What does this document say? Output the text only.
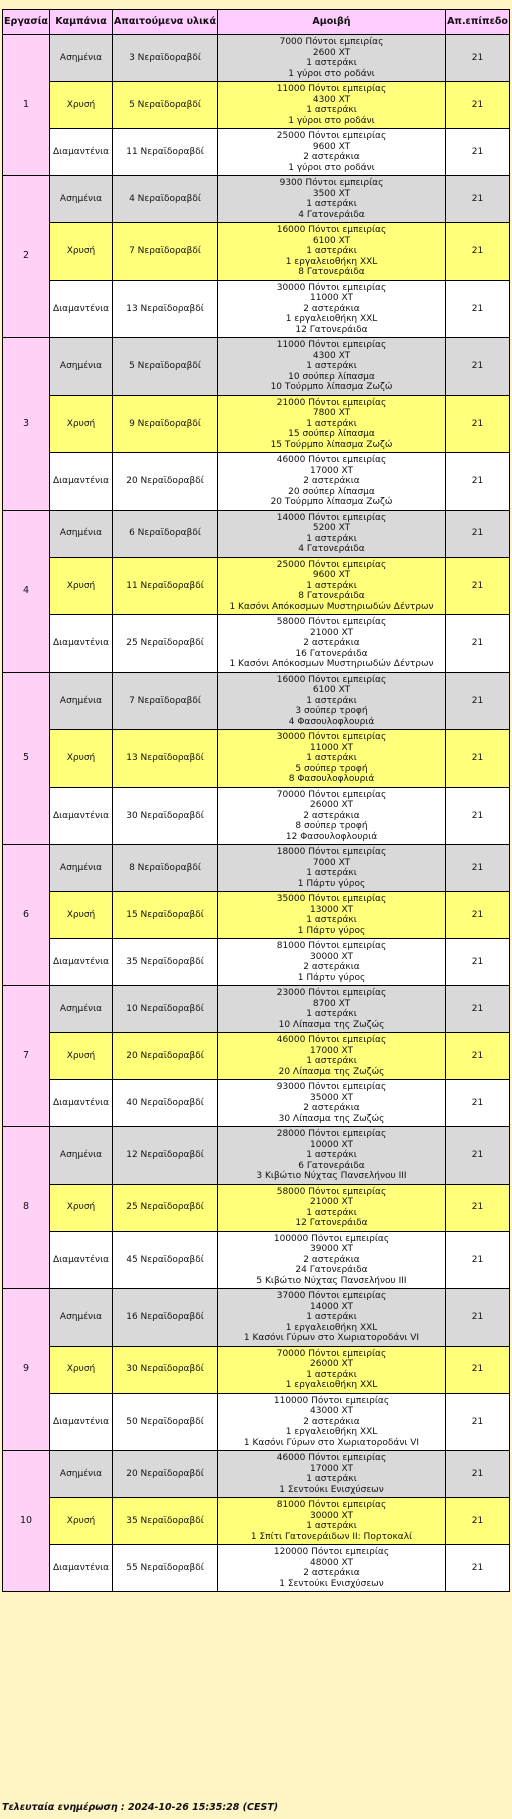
Εργασία	Καμπάνια	Απαιτούμενα υλικά	Αμοιβή	Απ.επίπεδο
1	Ασημένια	3 Νεραϊδοραβδί	7000 Πόντοι εμπειρίας
2600 XT
1 αστεράκι
1 γύροι στο ροδάνι	21
	Χρυσή	5 Νεραϊδοραβδί	11000 Πόντοι εμπειρίας
4300 XT
1 αστεράκι
1 γύροι στο ροδάνι	21
	Διαμαντένια	11 Νεραϊδοραβδί	25000 Πόντοι εμπειρίας
9600 XT
2 αστεράκια
1 γύροι στο ροδάνι	21
2	Ασημένια	4 Νεραϊδοραβδί	9300 Πόντοι εμπειρίας
3500 XT
1 αστεράκι
4 Γατονεράιδα	21
	Χρυσή	7 Νεραϊδοραβδί	16000 Πόντοι εμπειρίας
6100 XT
1 αστεράκι
1 εργαλειοθήκη XXL
8 Γατονεράιδα	21
	Διαμαντένια	13 Νεραϊδοραβδί	30000 Πόντοι εμπειρίας
11000 XT
2 αστεράκια
1 εργαλειοθήκη XXL
12 Γατονεράιδα	21
3	Ασημένια	5 Νεραϊδοραβδί	11000 Πόντοι εμπειρίας
4300 XT
1 αστεράκι
10 σούπερ λίπασμα
10 Τούρμπο λίπασμα Ζωζώ	21
	Χρυσή	9 Νεραϊδοραβδί	21000 Πόντοι εμπειρίας
7800 XT
1 αστεράκι
15 σούπερ λίπασμα
15 Τούρμπο λίπασμα Ζωζώ	21
	Διαμαντένια	20 Νεραϊδοραβδί	46000 Πόντοι εμπειρίας
17000 XT
2 αστεράκια
20 σούπερ λίπασμα
20 Τούρμπο λίπασμα Ζωζώ	21
4	Ασημένια	6 Νεραϊδοραβδί	14000 Πόντοι εμπειρίας
5200 XT
1 αστεράκι
4 Γατονεράιδα	21
	Χρυσή	11 Νεραϊδοραβδί	25000 Πόντοι εμπειρίας
9600 XT
1 αστεράκι
8 Γατονεράιδα
1 Κασόνι Απόκοσμων Μυστηριωδών Δέντρων	21
	Διαμαντένια	25 Νεραϊδοραβδί	58000 Πόντοι εμπειρίας
21000 XT
2 αστεράκια
16 Γατονεράιδα
1 Κασόνι Απόκοσμων Μυστηριωδών Δέντρων	21
5	Ασημένια	7 Νεραϊδοραβδί	16000 Πόντοι εμπειρίας
6100 XT
1 αστεράκι
3 σούπερ τροφή
4 Φασουλοφλουριά	21
	Χρυσή	13 Νεραϊδοραβδί	30000 Πόντοι εμπειρίας
11000 XT
1 αστεράκι
5 σούπερ τροφή
8 Φασουλοφλουριά	21
	Διαμαντένια	30 Νεραϊδοραβδί	70000 Πόντοι εμπειρίας
26000 XT
2 αστεράκια
8 σούπερ τροφή
12 Φασουλοφλουριά	21
6	Ασημένια	8 Νεραϊδοραβδί	18000 Πόντοι εμπειρίας
7000 XT
1 αστεράκι
1 Πάρτυ γύρος	21
	Χρυσή	15 Νεραϊδοραβδί	35000 Πόντοι εμπειρίας
13000 XT
1 αστεράκι
1 Πάρτυ γύρος	21
	Διαμαντένια	35 Νεραϊδοραβδί	81000 Πόντοι εμπειρίας
30000 XT
2 αστεράκια
1 Πάρτυ γύρος	21
7	Ασημένια	10 Νεραϊδοραβδί	23000 Πόντοι εμπειρίας
8700 XT
1 αστεράκι
10 Λίπασμα της Ζωζώς	21
	Χρυσή	20 Νεραϊδοραβδί	46000 Πόντοι εμπειρίας
17000 XT
1 αστεράκι
20 Λίπασμα της Ζωζώς	21
	Διαμαντένια	40 Νεραϊδοραβδί	93000 Πόντοι εμπειρίας
35000 XT
2 αστεράκια
30 Λίπασμα της Ζωζώς	21
8	Ασημένια	12 Νεραϊδοραβδί	28000 Πόντοι εμπειρίας
10000 XT
1 αστεράκι
6 Γατονεράιδα
3 Κιβώτιο Νύχτας Πανσελήνου III	21
	Χρυσή	25 Νεραϊδοραβδί	58000 Πόντοι εμπειρίας
21000 XT
1 αστεράκι
12 Γατονεράιδα	21
	Διαμαντένια	45 Νεραϊδοραβδί	100000 Πόντοι εμπειρίας
39000 XT
2 αστεράκια
24 Γατονεράιδα
5 Κιβώτιο Νύχτας Πανσελήνου III	21
9	Ασημένια	16 Νεραϊδοραβδί	37000 Πόντοι εμπειρίας
14000 XT
1 αστεράκι
1 εργαλειοθήκη XXL
1 Κασόνι Γύρων στο Χωριατοροδάνι VI	21
	Χρυσή	30 Νεραϊδοραβδί	70000 Πόντοι εμπειρίας
26000 XT
1 αστεράκι
1 εργαλειοθήκη XXL	21
	Διαμαντένια	50 Νεραϊδοραβδί	110000 Πόντοι εμπειρίας
43000 XT
2 αστεράκια
1 εργαλειοθήκη XXL
1 Κασόνι Γύρων στο Χωριατοροδάνι VI	21
10	Ασημένια	20 Νεραϊδοραβδί	46000 Πόντοι εμπειρίας
17000 XT
1 αστεράκι
1 Σεντούκι Ενισχύσεων	21
	Χρυσή	35 Νεραϊδοραβδί	81000 Πόντοι εμπειρίας
30000 XT
1 αστεράκι
1 Σπίτι Γατονεράιδων II: Πορτοκαλί	21
	Διαμαντένια	55 Νεραϊδοραβδί	120000 Πόντοι εμπειρίας
48000 XT
2 αστεράκια
1 Σεντούκι Ενισχύσεων	21
Τελευταία ενημέρωση : 2024-10-26 15:35:28 (CEST)
